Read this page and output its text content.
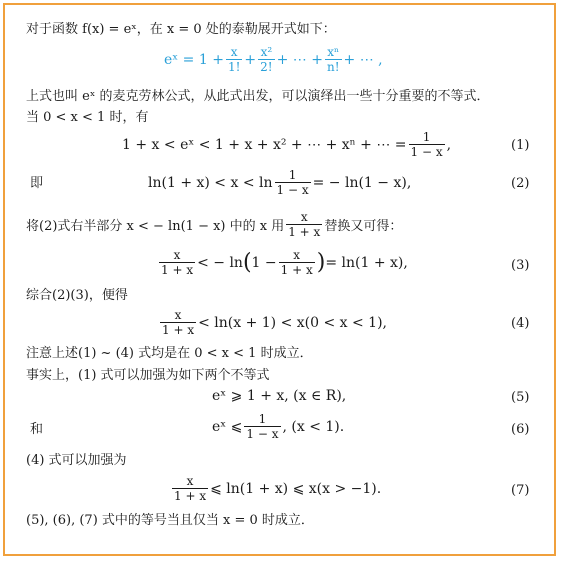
对于函数 f(x) = eˣ，在 x = 0 处的泰勒展开式如下：
eˣ = $1 + \frac{x}{1!} + \frac{\text{x²}}{2!}$ + ⋯ + $\frac{\text{xⁿ}}{n!}$ + ⋯ ,
上式也叫 eˣ 的麦克劳林公式，从此式出发，可以演绎出一些十分重要的不等式．
当 0 < x < 1 时，有
1 + x < eˣ < 1 + x + x² + ⋯ + xⁿ + ⋯ = $\frac{1}{1 - x}$ ,	(1)
即	$\ln(1 + x) < x < \ln \frac{1}{1 - x}$ = − ln(1 − x),	(2)
将(2)式右半部分 x < − ln(1 − x) 中的 x 用 $\frac{x}{1 + x}$ 替换又可得：
$\frac{x}{1 + x}$ < − ln ( $1 - \frac{x}{1 + x}$ ) = ln(1 + x),	(3)
综合(2)(3)，便得
$\frac{x}{1 + x} < \ln(x + 1) < x(0 < x < 1)$,	(4)
注意上述(1) ~ (4) 式均是在 0 < x < 1 时成立．
事实上，(1) 式可以加强为如下两个不等式
eˣ ⩾ 1 + x, (x ∈ R),	(5)
和	eˣ ⩽ $\frac{1}{1 - x}$ , (x < 1).	(6)
(4) 式可以加强为
$\frac{x}{1 + x}$ ⩽ ln(1 + x) ⩽ x(x > −1).	(7)
(5), (6), (7) 式中的等号当且仅当 x = 0 时成立．
